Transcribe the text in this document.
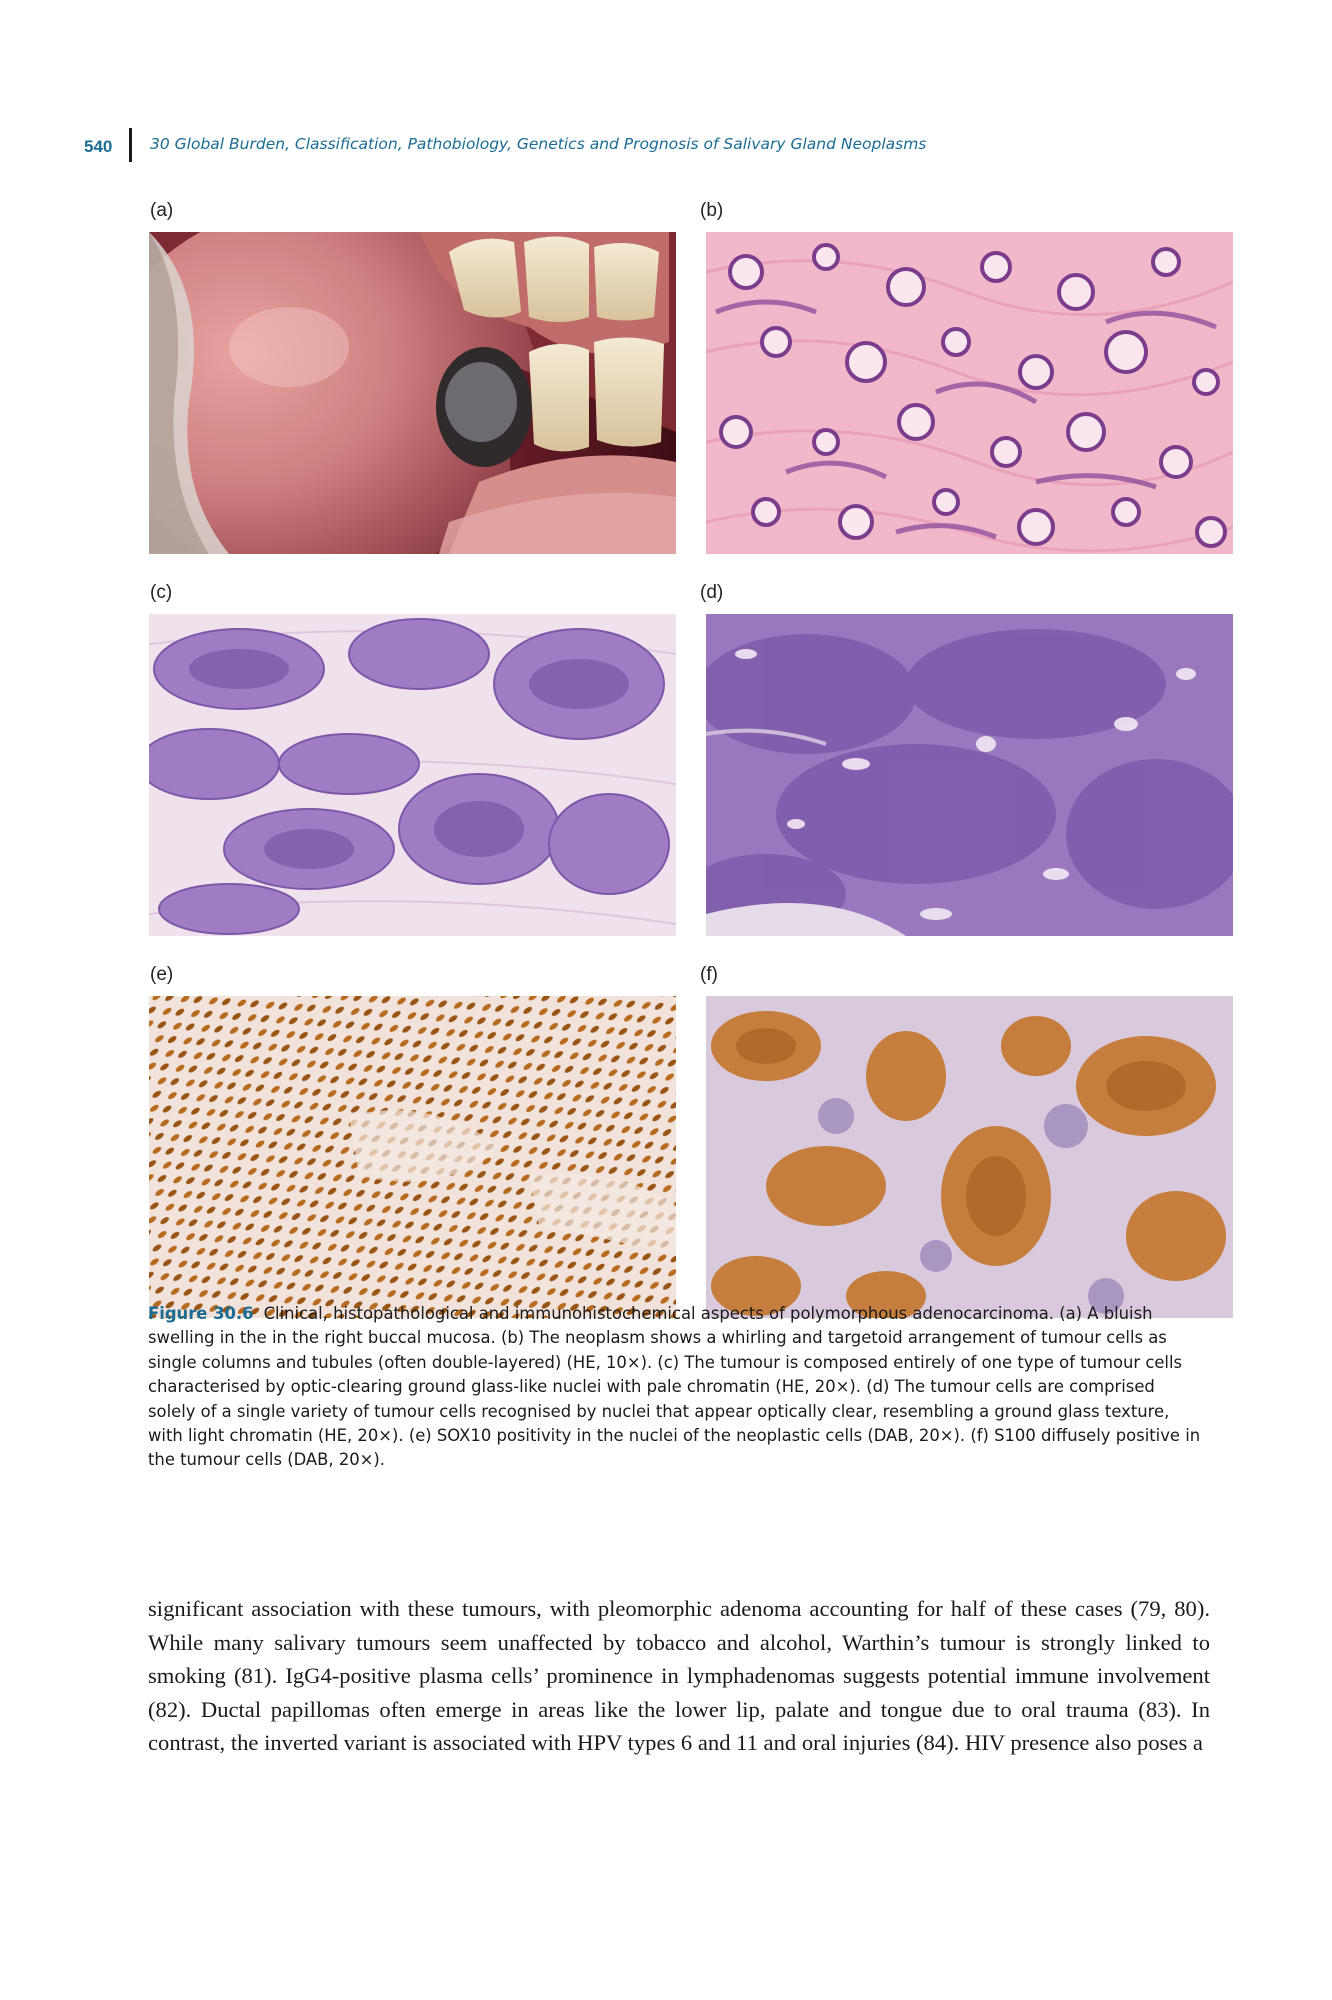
540	30 Global Burden, Classification, Pathobiology, Genetics and Prognosis of Salivary Gland Neoplasms
(a)	(b)
(c)	(d)
(e)	(f)
Figure 30.6 Clinical, histopathological and immunohistochemical aspects of polymorphous adenocarcinoma. (a) A bluish swelling in the in the right buccal mucosa. (b) The neoplasm shows a whirling and targetoid arrangement of tumour cells as single columns and tubules (often double-layered) (HE, 10×). (c) The tumour is composed entirely of one type of tumour cells characterised by optic-clearing ground glass-like nuclei with pale chromatin (HE, 20×). (d) The tumour cells are comprised solely of a single variety of tumour cells recognised by nuclei that appear optically clear, resembling a ground glass texture, with light chromatin (HE, 20×). (e) SOX10 positivity in the nuclei of the neoplastic cells (DAB, 20×). (f) S100 diffusely positive in the tumour cells (DAB, 20×).
significant association with these tumours, with pleomorphic adenoma accounting for half of these cases (79, 80). While many salivary tumours seem unaffected by tobacco and alcohol, Warthin’s tumour is strongly linked to smoking (81). IgG4-positive plasma cells’ prominence in lymphadenomas suggests potential immune involvement (82). Ductal papillomas often emerge in areas like the lower lip, palate and tongue due to oral trauma (83). In contrast, the inverted variant is associated with HPV types 6 and 11 and oral injuries (84). HIV presence also poses a
